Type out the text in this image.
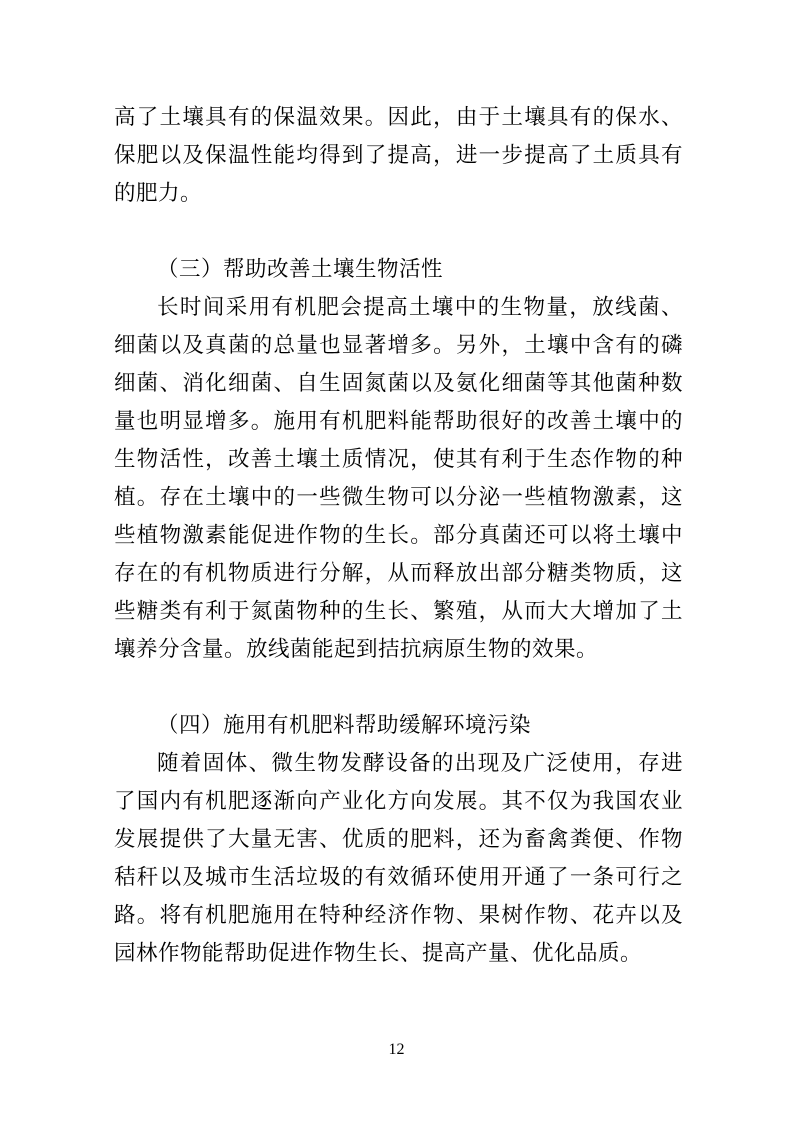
高了土壤具有的保温效果。因此，由于土壤具有的保水、保肥以及保温性能均得到了提高，进一步提高了土质具有的肥力。

（三）帮助改善土壤生物活性

长时间采用有机肥会提高土壤中的生物量，放线菌、细菌以及真菌的总量也显著增多。另外，土壤中含有的磷细菌、消化细菌、自生固氮菌以及氨化细菌等其他菌种数量也明显增多。施用有机肥料能帮助很好的改善土壤中的生物活性，改善土壤土质情况，使其有利于生态作物的种植。存在土壤中的一些微生物可以分泌一些植物激素，这些植物激素能促进作物的生长。部分真菌还可以将土壤中存在的有机物质进行分解，从而释放出部分糖类物质，这些糖类有利于氮菌物种的生长、繁殖，从而大大增加了土壤养分含量。放线菌能起到拮抗病原生物的效果。

（四）施用有机肥料帮助缓解环境污染

随着固体、微生物发酵设备的出现及广泛使用，存进了国内有机肥逐渐向产业化方向发展。其不仅为我国农业发展提供了大量无害、优质的肥料，还为畜禽粪便、作物秸秆以及城市生活垃圾的有效循环使用开通了一条可行之路。将有机肥施用在特种经济作物、果树作物、花卉以及园林作物能帮助促进作物生长、提高产量、优化品质。

12
